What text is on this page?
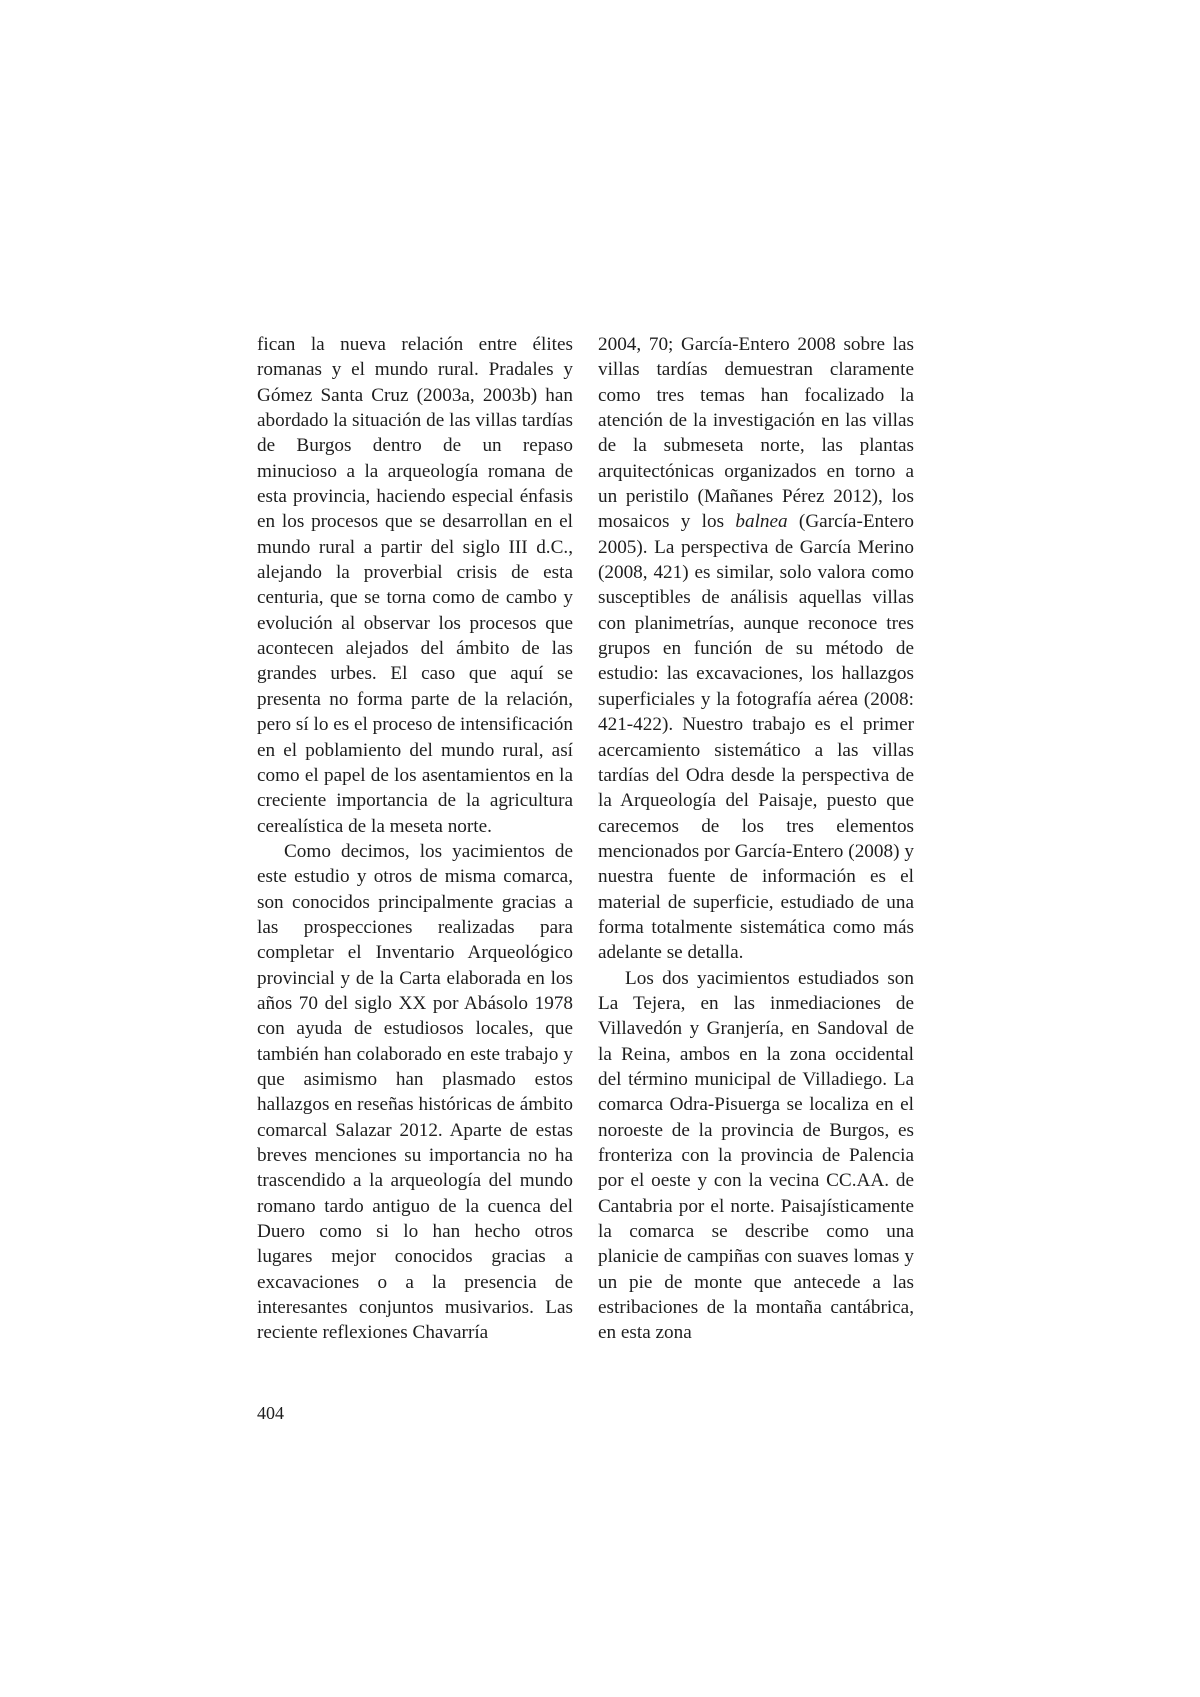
fican la nueva relación entre élites romanas y el mundo rural. Pradales y Gómez Santa Cruz (2003a, 2003b) han abordado la situación de las villas tardías de Burgos dentro de un repaso minucioso a la arqueología romana de esta provincia, haciendo especial énfasis en los procesos que se desarrollan en el mundo rural a partir del siglo III d.C., alejando la proverbial crisis de esta centuria, que se torna como de cambo y evolución al observar los procesos que acontecen alejados del ámbito de las grandes urbes. El caso que aquí se presenta no forma parte de la relación, pero sí lo es el proceso de intensificación en el poblamiento del mundo rural, así como el papel de los asentamientos en la creciente importancia de la agricultura cerealística de la meseta norte.

Como decimos, los yacimientos de este estudio y otros de misma comarca, son conocidos principalmente gracias a las prospecciones realizadas para completar el Inventario Arqueológico provincial y de la Carta elaborada en los años 70 del siglo XX por Abásolo 1978 con ayuda de estudiosos locales, que también han colaborado en este trabajo y que asimismo han plasmado estos hallazgos en reseñas históricas de ámbito comarcal Salazar 2012. Aparte de estas breves menciones su importancia no ha trascendido a la arqueología del mundo romano tardo antiguo de la cuenca del Duero como si lo han hecho otros lugares mejor conocidos gracias a excavaciones o a la presencia de interesantes conjuntos musivarios. Las reciente reflexiones Chavarría

2004, 70; García-Entero 2008 sobre las villas tardías demuestran claramente como tres temas han focalizado la atención de la investigación en las villas de la submeseta norte, las plantas arquitectónicas organizados en torno a un peristilo (Mañanes Pérez 2012), los mosaicos y los balnea (García-Entero 2005). La perspectiva de García Merino (2008, 421) es similar, solo valora como susceptibles de análisis aquellas villas con planimetrías, aunque reconoce tres grupos en función de su método de estudio: las excavaciones, los hallazgos superficiales y la fotografía aérea (2008: 421-422). Nuestro trabajo es el primer acercamiento sistemático a las villas tardías del Odra desde la perspectiva de la Arqueología del Paisaje, puesto que carecemos de los tres elementos mencionados por García-Entero (2008) y nuestra fuente de información es el material de superficie, estudiado de una forma totalmente sistemática como más adelante se detalla.

Los dos yacimientos estudiados son La Tejera, en las inmediaciones de Villavedón y Granjería, en Sandoval de la Reina, ambos en la zona occidental del término municipal de Villadiego. La comarca Odra-Pisuerga se localiza en el noroeste de la provincia de Burgos, es fronteriza con la provincia de Palencia por el oeste y con la vecina CC.AA. de Cantabria por el norte. Paisajísticamente la comarca se describe como una planicie de campiñas con suaves lomas y un pie de monte que antecede a las estribaciones de la montaña cantábrica, en esta zona

404
